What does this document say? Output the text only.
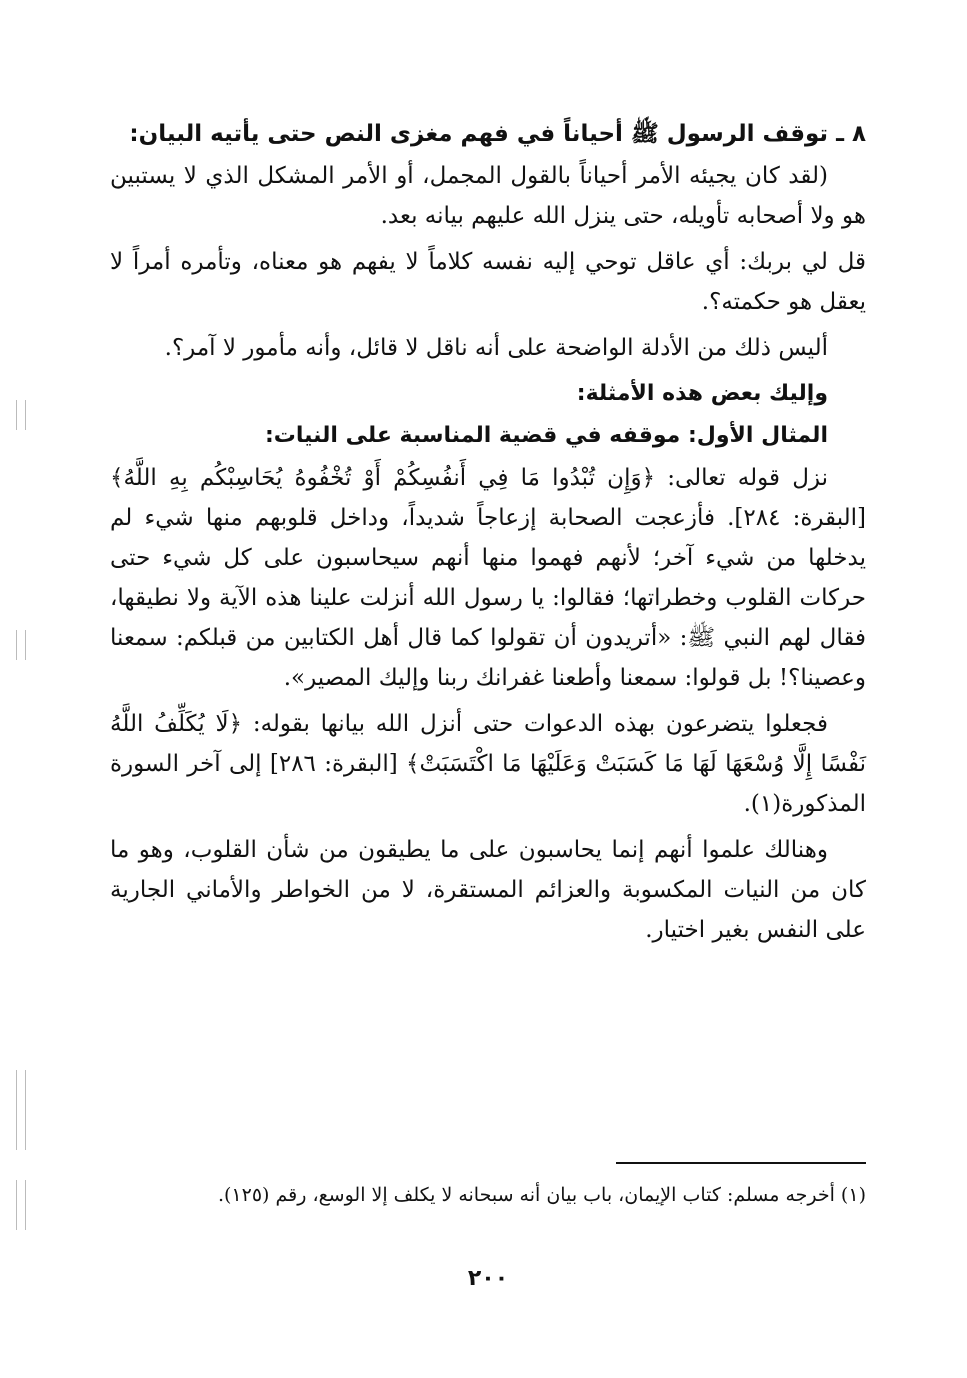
٨ ـ توقف الرسول ﷺ أحياناً في فهم مغزى النص حتى يأتيه البيان:

(لقد كان يجيئه الأمر أحياناً بالقول المجمل، أو الأمر المشكل الذي لا يستبين هو ولا أصحابه تأويله، حتى ينزل الله عليهم بيانه بعد.

قل لي بربك: أي عاقل توحي إليه نفسه كلاماً لا يفهم هو معناه، وتأمره أمراً لا يعقل هو حكمته؟.

أليس ذلك من الأدلة الواضحة على أنه ناقل لا قائل، وأنه مأمور لا آمر؟.

وإليك بعض هذه الأمثلة:
المثال الأول: موقفه في قضية المناسبة على النيات:

نزل قوله تعالى: ﴿وَإِن تُبْدُوا مَا فِي أَنفُسِكُمْ أَوْ تُخْفُوهُ يُحَاسِبْكُم بِهِ اللَّهُ﴾ [البقرة: ٢٨٤]. فأزعجت الصحابة إزعاجاً شديداً، وداخل قلوبهم منها شيء لم يدخلها من شيء آخر؛ لأنهم فهموا منها أنهم سيحاسبون على كل شيء حتى حركات القلوب وخطراتها؛ فقالوا: يا رسول الله أنزلت علينا هذه الآية ولا نطيقها، فقال لهم النبي ﷺ: «أتريدون أن تقولوا كما قال أهل الكتابين من قبلكم: سمعنا وعصينا؟! بل قولوا: سمعنا وأطعنا غفرانك ربنا وإليك المصير».

فجعلوا يتضرعون بهذه الدعوات حتى أنزل الله بيانها بقوله: ﴿لَا يُكَلِّفُ اللَّهُ نَفْسًا إِلَّا وُسْعَهَا لَهَا مَا كَسَبَتْ وَعَلَيْهَا مَا اكْتَسَبَتْ﴾ [البقرة: ٢٨٦] إلى آخر السورة المذكورة(١).

وهنالك علموا أنهم إنما يحاسبون على ما يطيقون من شأن القلوب، وهو ما كان من النيات المكسوبة والعزائم المستقرة، لا من الخواطر والأماني الجارية على النفس بغير اختيار.

(١) أخرجه مسلم: كتاب الإيمان، باب بيان أنه سبحانه لا يكلف إلا الوسع، رقم (١٢٥).
٢٠٠
